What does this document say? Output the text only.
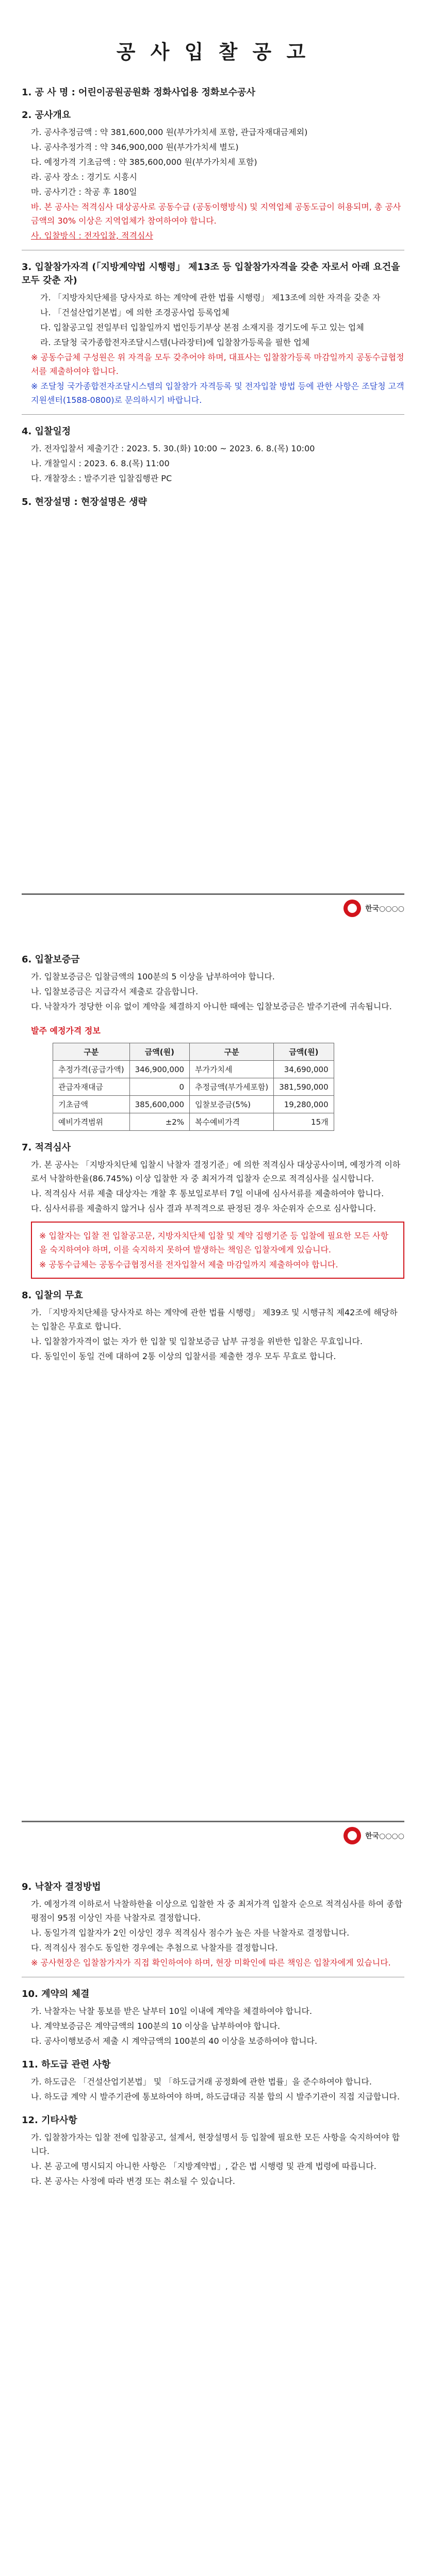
공 사 입 찰 공 고
1. 공 사 명 : 어린이공원공원화 정화사업용 정화보수공사
2. 공사개요
가. 공사추정금액 : 약 381,600,000 원(부가가치세 포함, 관급자재대금제외)
나. 공사추정가격 : 약 346,900,000 원(부가가치세 별도)
다. 예정가격 기초금액 : 약 385,600,000 원(부가가치세 포함)
라. 공사 장소 : 경기도 시흥시
마. 공사기간 : 착공 후 180일
바. 본 공사는 적격심사 대상공사로 공동수급 (공동이행방식) 및 지역업체 공동도급이 허용되며, 총 공사금액의 30% 이상은 지역업체가 참여하여야 합니다.
사. 입찰방식 : 전자입찰, 적격심사
3. 입찰참가자격 (「지방계약법 시행령」 제13조 등 입찰참가자격을 갖춘 자로서 아래 요건을 모두 갖춘 자)
가. 「지방자치단체를 당사자로 하는 계약에 관한 법률 시행령」 제13조에 의한 자격을 갖춘 자
나. 「건설산업기본법」에 의한 조경공사업 등록업체
다. 입찰공고일 전일부터 입찰일까지 법인등기부상 본점 소재지를 경기도에 두고 있는 업체
라. 조달청 국가종합전자조달시스템(나라장터)에 입찰참가등록을 필한 업체
※ 공동수급체 구성원은 위 자격을 모두 갖추어야 하며, 대표사는 입찰참가등록 마감일까지 공동수급협정서를 제출하여야 합니다.
※ 조달청 국가종합전자조달시스템의 입찰참가 자격등록 및 전자입찰 방법 등에 관한 사항은 조달청 고객지원센터(1588-0800)로 문의하시기 바랍니다.
4. 입찰일정
가. 전자입찰서 제출기간 : 2023. 5. 30.(화) 10:00 ~ 2023. 6. 8.(목) 10:00
나. 개찰일시 : 2023. 6. 8.(목) 11:00
다. 개찰장소 : 발주기관 입찰집행관 PC
5. 현장설명 : 현장설명은 생략
한국○○○○
6. 입찰보증금
가. 입찰보증금은 입찰금액의 100분의 5 이상을 납부하여야 합니다.
나. 입찰보증금은 지급각서 제출로 갈음합니다.
다. 낙찰자가 정당한 이유 없이 계약을 체결하지 아니한 때에는 입찰보증금은 발주기관에 귀속됩니다.
발주 예정가격 정보
구분	금액(원)	구분	금액(원)
추정가격(공급가액)	346,900,000	부가가치세	34,690,000
관급자재대금	0	추정금액(부가세포함)	381,590,000
기초금액	385,600,000	입찰보증금(5%)	19,280,000
예비가격범위	±2%	복수예비가격	15개
7. 적격심사
가. 본 공사는 「지방자치단체 입찰시 낙찰자 결정기준」에 의한 적격심사 대상공사이며, 예정가격 이하로서 낙찰하한율(86.745%) 이상 입찰한 자 중 최저가격 입찰자 순으로 적격심사를 실시합니다.
나. 적격심사 서류 제출 대상자는 개찰 후 통보일로부터 7일 이내에 심사서류를 제출하여야 합니다.
다. 심사서류를 제출하지 않거나 심사 결과 부적격으로 판정된 경우 차순위자 순으로 심사합니다.
※ 입찰자는 입찰 전 입찰공고문, 지방자치단체 입찰 및 계약 집행기준 등 입찰에 필요한 모든 사항을 숙지하여야 하며, 이를 숙지하지 못하여 발생하는 책임은 입찰자에게 있습니다.
※ 공동수급체는 공동수급협정서를 전자입찰서 제출 마감일까지 제출하여야 합니다.
8. 입찰의 무효
가. 「지방자치단체를 당사자로 하는 계약에 관한 법률 시행령」 제39조 및 시행규칙 제42조에 해당하는 입찰은 무효로 합니다.
나. 입찰참가자격이 없는 자가 한 입찰 및 입찰보증금 납부 규정을 위반한 입찰은 무효입니다.
다. 동일인이 동일 건에 대하여 2통 이상의 입찰서를 제출한 경우 모두 무효로 합니다.
한국○○○○
9. 낙찰자 결정방법
가. 예정가격 이하로서 낙찰하한율 이상으로 입찰한 자 중 최저가격 입찰자 순으로 적격심사를 하여 종합평점이 95점 이상인 자를 낙찰자로 결정합니다.
나. 동일가격 입찰자가 2인 이상인 경우 적격심사 점수가 높은 자를 낙찰자로 결정합니다.
다. 적격심사 점수도 동일한 경우에는 추첨으로 낙찰자를 결정합니다.
※ 공사현장은 입찰참가자가 직접 확인하여야 하며, 현장 미확인에 따른 책임은 입찰자에게 있습니다.
10. 계약의 체결
가. 낙찰자는 낙찰 통보를 받은 날부터 10일 이내에 계약을 체결하여야 합니다.
나. 계약보증금은 계약금액의 100분의 10 이상을 납부하여야 합니다.
다. 공사이행보증서 제출 시 계약금액의 100분의 40 이상을 보증하여야 합니다.
11. 하도급 관련 사항
가. 하도급은 「건설산업기본법」 및 「하도급거래 공정화에 관한 법률」을 준수하여야 합니다.
나. 하도급 계약 시 발주기관에 통보하여야 하며, 하도급대금 직불 합의 시 발주기관이 직접 지급합니다.
12. 기타사항
가. 입찰참가자는 입찰 전에 입찰공고, 설계서, 현장설명서 등 입찰에 필요한 모든 사항을 숙지하여야 합니다.
나. 본 공고에 명시되지 아니한 사항은 「지방계약법」, 같은 법 시행령 및 관계 법령에 따릅니다.
다. 본 공사는 사정에 따라 변경 또는 취소될 수 있습니다.
